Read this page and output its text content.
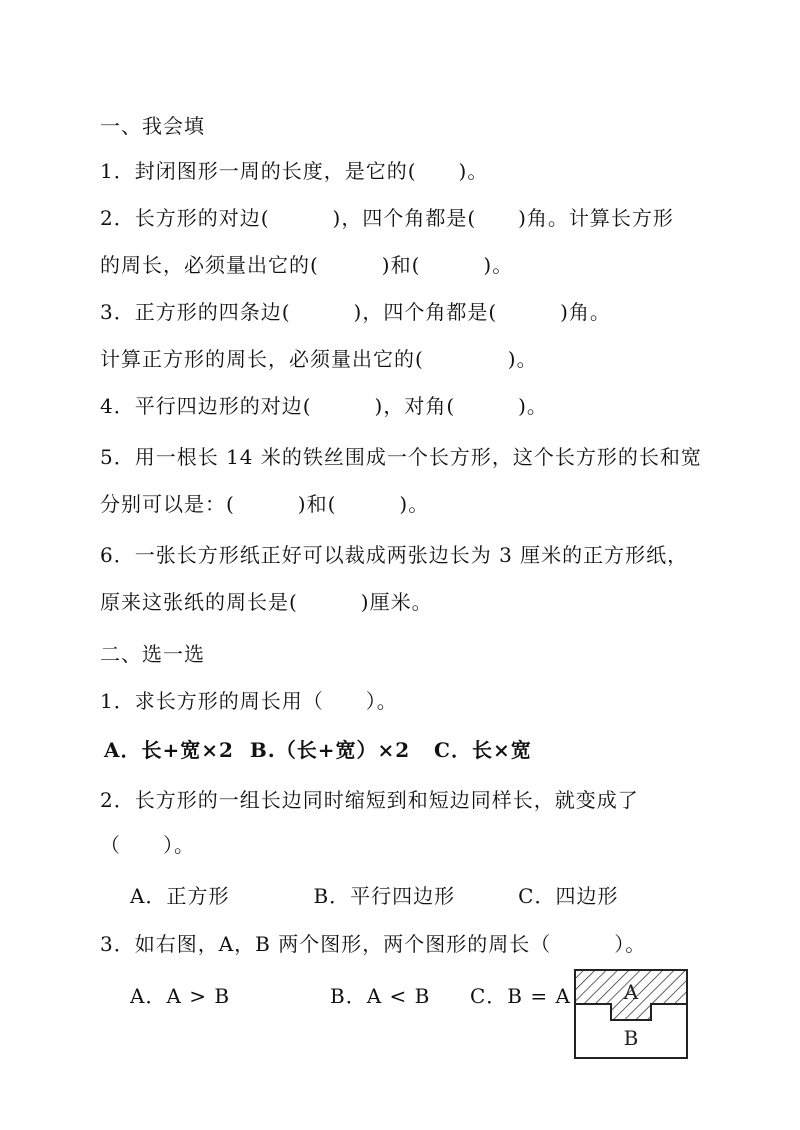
一、我会填
1．封闭图形一周的长度，是它的(　　)。
2．长方形的对边(　　　)，四个角都是(　　)角。计算长方形
的周长，必须量出它的(　　　)和(　　　)。
3．正方形的四条边(　　　)，四个角都是(　　　)角。
计算正方形的周长，必须量出它的(　　　　)。
4．平行四边形的对边(　　　)，对角(　　　)。
5．用一根长 14 米的铁丝围成一个长方形，这个长方形的长和宽
分别可以是：(　　　)和(　　　)。
6．一张长方形纸正好可以裁成两张边长为 3 厘米的正方形纸，
原来这张纸的周长是(　　　)厘米。
二、选一选
1．求长方形的周长用（　　）。
A．长+宽×2  B.（长+宽）×2   C．长×宽
2．长方形的一组长边同时缩短到和短边同样长，就变成了
（　　）。
A．正方形　　　　B．平行四边形　　　C．四边形
3．如右图，A，B 两个图形，两个图形的周长（　　　）。
A．A > B	B．A < B C．B = A	A
B
